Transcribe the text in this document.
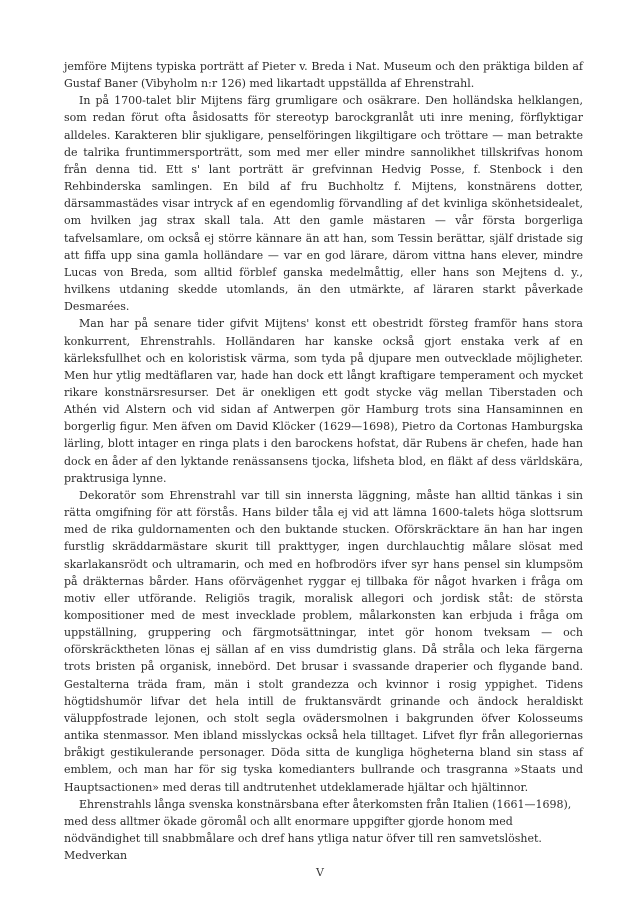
jemföre Mijtens typiska porträtt af Pieter v. Breda i Nat. Museum och den präktiga bilden af Gustaf Baner (Vibyholm n:r 126) med likartadt uppställda af Ehrenstrahl.

In på 1700-talet blir Mijtens färg grumligare och osäkrare. Den holländska helklangen, som redan förut ofta åsidosatts för stereotyp barockgranlåt uti inre mening, förflyktigar alldeles. Karakteren blir sjukligare, penselföringen likgiltigare och tröttare — man betrakte de talrika fruntimmersporträtt, som med mer eller mindre sannolikhet tillskrifvas honom från denna tid. Ett s' lant porträtt är grefvinnan Hedvig Posse, f. Stenbock i den Rehbinderska samlingen. En bild af fru Buchholtz f. Mijtens, konstnärens dotter, därsammastädes visar intryck af en egendomlig förvandling af det kvinliga skönhetsidealet, om hvilken jag strax skall tala. Att den gamle mästaren — vår första borgerliga tafvelsamlare, om också ej större kännare än att han, som Tessin berättar, själf dristade sig att fiffa upp sina gamla holländare — var en god lärare, därom vittna hans elever, mindre Lucas von Breda, som alltid förblef ganska medelmåttig, eller hans son Mejtens d. y., hvilkens utdaning skedde utomlands, än den utmärkte, af läraren starkt påverkade Desmarées.

Man har på senare tider gifvit Mijtens' konst ett obestridt försteg framför hans stora konkurrent, Ehrenstrahls. Holländaren har kanske också gjort enstaka verk af en kärleksfullhet och en koloristisk värma, som tyda på djupare men outvecklade möjligheter. Men hur ytlig medtäflaren var, hade han dock ett långt kraftigare temperament och mycket rikare konstnärsresurser. Det är onekligen ett godt stycke väg mellan Tiberstaden och Athén vid Alstern och vid sidan af Antwerpen gör Hamburg trots sina Hansaminnen en borgerlig figur. Men äfven om David Klöcker (1629—1698), Pietro da Cortonas Hamburgska lärling, blott intager en ringa plats i den barockens hofstat, där Rubens är chefen, hade han dock en åder af den lyktande renässansens tjocka, lifsheta blod, en fläkt af dess världskära, praktrusiga lynne.

Dekoratör som Ehrenstrahl var till sin innersta läggning, måste han alltid tänkas i sin rätta omgifning för att förstås. Hans bilder tåla ej vid att lämna 1600-talets höga slottsrum med de rika guldornamenten och den buktande stucken. Oförskräcktare än han har ingen furstlig skräddarmästare skurit till prakttyger, ingen durchlauchtig målare slösat med skarlakansrödt och ultramarin, och med en hofbrodörs ifver syr hans pensel sin klumpsöm på dräkternas bårder. Hans oförvägenhet ryggar ej tillbaka för något hvarken i fråga om motiv eller utförande. Religiös tragik, moralisk allegori och jordisk ståt: de största kompositioner med de mest invecklade problem, målarkonsten kan erbjuda i fråga om uppställning, gruppering och färgmotsättningar, intet gör honom tveksam — och oförskräcktheten lönas ej sällan af en viss dumdristig glans. Då stråla och leka färgerna trots bristen på organisk, innebörd. Det brusar i svassande draperier och flygande band. Gestalterna träda fram, män i stolt grandezza och kvinnor i rosig yppighet. Tidens högtidshumör lifvar det hela intill de fruktansvärdt grinande och ändock heraldiskt väluppfostrade lejonen, och stolt segla ovädersmolnen i bakgrunden öfver Kolosseums antika stenmassor. Men ibland misslyckas också hela tilltaget. Lifvet flyr från allegoriernas bråkigt gestikulerande personager. Döda sitta de kungliga högheterna bland sin stass af emblem, och man har för sig tyska komedianters bullrande och trasgranna »Staats und Hauptsactionen» med deras till andtrutenhet utdeklamerade hjältar och hjältinnor.

Ehrenstrahls långa svenska konstnärsbana efter återkomsten från Italien (1661—1698), med dess alltmer ökade göromål och allt enormare uppgifter gjorde honom med nödvändighet till snabbmålare och dref hans ytliga natur öfver till ren samvetslöshet. Medverkan

V
